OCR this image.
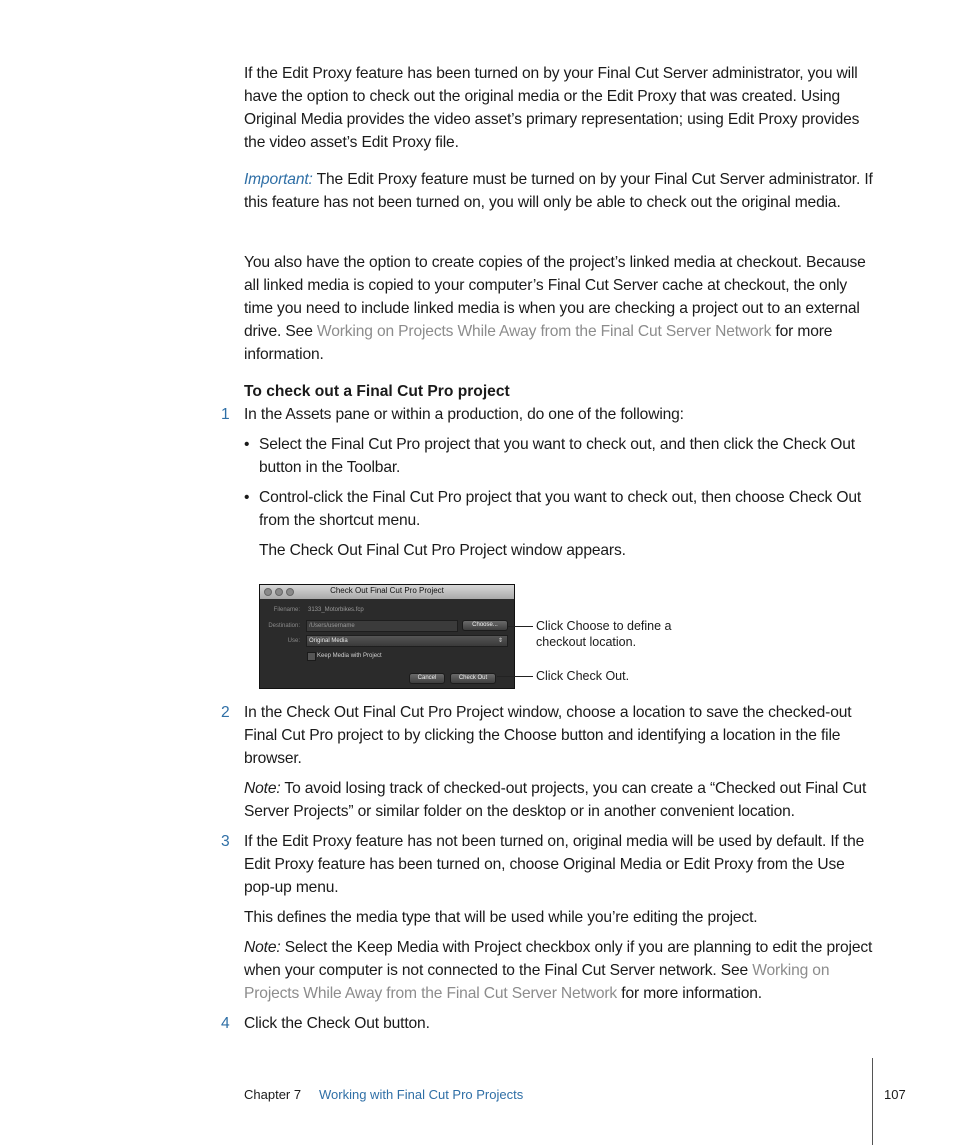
If the Edit Proxy feature has been turned on by your Final Cut Server administrator, you will have the option to check out the original media or the Edit Proxy that was created. Using Original Media provides the video asset’s primary representation; using Edit Proxy provides the video asset’s Edit Proxy file.
Important: The Edit Proxy feature must be turned on by your Final Cut Server administrator. If this feature has not been turned on, you will only be able to check out the original media.
You also have the option to create copies of the project’s linked media at checkout. Because all linked media is copied to your computer’s Final Cut Server cache at checkout, the only time you need to include linked media is when you are checking a project out to an external drive. See Working on Projects While Away from the Final Cut Server Network for more information.
To check out a Final Cut Pro project
1 In the Assets pane or within a production, do one of the following:
• Select the Final Cut Pro project that you want to check out, and then click the Check Out button in the Toolbar.
• Control-click the Final Cut Pro project that you want to check out, then choose Check Out from the shortcut menu.
The Check Out Final Cut Pro Project window appears.
Check Out Final Cut Pro Project
Filename: 3133_Motorbikes.fcp
Destination: /Users/username	Choose...
Use: Original Media	⇕
Keep Media with Project
Cancel	Check Out
Click Choose to define a checkout location.
Click Check Out.
2 In the Check Out Final Cut Pro Project window, choose a location to save the checked-out Final Cut Pro project to by clicking the Choose button and identifying a location in the file browser.
Note: To avoid losing track of checked-out projects, you can create a “Checked out Final Cut Server Projects” or similar folder on the desktop or in another convenient location.
3 If the Edit Proxy feature has not been turned on, original media will be used by default. If the Edit Proxy feature has been turned on, choose Original Media or Edit Proxy from the Use pop-up menu.
This defines the media type that will be used while you’re editing the project.
Note: Select the Keep Media with Project checkbox only if you are planning to edit the project when your computer is not connected to the Final Cut Server network. See Working on Projects While Away from the Final Cut Server Network for more information.
4 Click the Check Out button.
Chapter 7 Working with Final Cut Pro Projects	107
